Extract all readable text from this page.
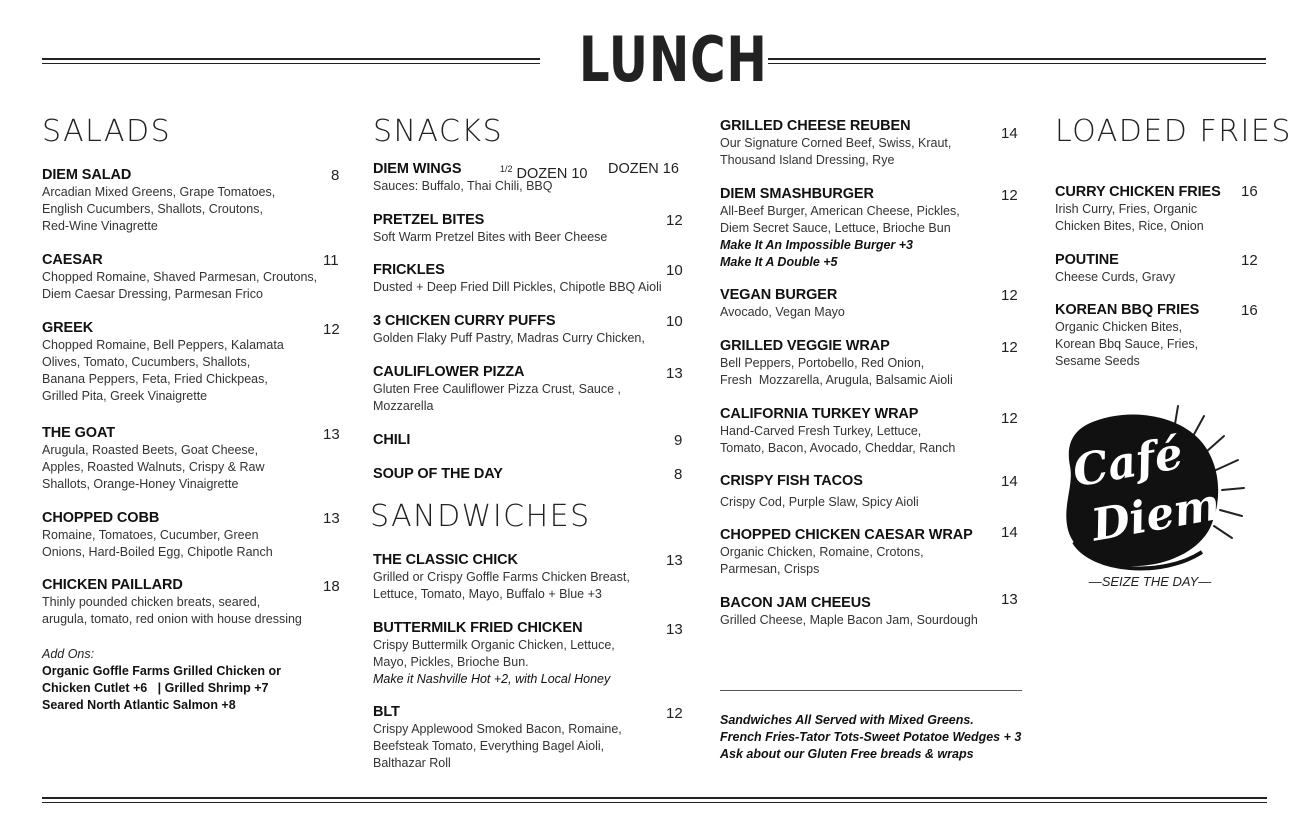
LUNCH
SALADS
DIEM SALAD
Arcadian Mixed Greens, Grape Tomatoes,
English Cucumbers, Shallots, Croutons,
Red-Wine Vinagrette
8
CAESAR
Chopped Romaine, Shaved Parmesan, Croutons,
Diem Caesar Dressing, Parmesan Frico
11
GREEK
Chopped Romaine, Bell Peppers, Kalamata
Olives, Tomato, Cucumbers, Shallots,
Banana Peppers, Feta, Fried Chickpeas,
Grilled Pita, Greek Vinaigrette
12
THE GOAT
Arugula, Roasted Beets, Goat Cheese,
Apples, Roasted Walnuts, Crispy & Raw
Shallots, Orange-Honey Vinaigrette
13
CHOPPED COBB
Romaine, Tomatoes, Cucumber, Green
Onions, Hard-Boiled Egg, Chipotle Ranch
13
CHICKEN PAILLARD
Thinly pounded chicken breats, seared,
arugula, tomato, red onion with house dressing
18
Add Ons:
Organic Goffle Farms Grilled Chicken or
Chicken Cutlet +6   | Grilled Shrimp +7
Seared North Atlantic Salmon +8
SNACKS
DIEM WINGS
Sauces: Buffalo, Thai Chili, BBQ
$^{1/2}$ DOZEN 10 DOZEN 16
PRETZEL BITES
Soft Warm Pretzel Bites with Beer Cheese
12
FRICKLES
Dusted + Deep Fried Dill Pickles, Chipotle BBQ Aioli
10
3 CHICKEN CURRY PUFFS
Golden Flaky Puff Pastry, Madras Curry Chicken,
10
CAULIFLOWER PIZZA
Gluten Free Cauliflower Pizza Crust, Sauce ,
Mozzarella
13
CHILI	9
SOUP OF THE DAY	8
SANDWICHES
THE CLASSIC CHICK
Grilled or Crispy Goffle Farms Chicken Breast,
Lettuce, Tomato, Mayo, Buffalo + Blue +3
13
BUTTERMILK FRIED CHICKEN
Crispy Buttermilk Organic Chicken, Lettuce,
Mayo, Pickles, Brioche Bun.
Make it Nashville Hot +2, with Local Honey
13
BLT
Crispy Applewood Smoked Bacon, Romaine,
Beefsteak Tomato, Everything Bagel Aioli,
Balthazar Roll
12
GRILLED CHEESE REUBEN
Our Signature Corned Beef, Swiss, Kraut,
Thousand Island Dressing, Rye
14
DIEM SMASHBURGER
All-Beef Burger, American Cheese, Pickles,
Diem Secret Sauce, Lettuce, Brioche Bun
Make It An Impossible Burger +3
Make It A Double +5
12
VEGAN BURGER
Avocado, Vegan Mayo
12
GRILLED VEGGIE WRAP
Bell Peppers, Portobello, Red Onion,
Fresh  Mozzarella, Arugula, Balsamic Aioli
12
CALIFORNIA TURKEY WRAP
Hand-Carved Fresh Turkey, Lettuce,
Tomato, Bacon, Avocado, Cheddar, Ranch
12
CRISPY FISH TACOS
Crispy Cod, Purple Slaw, Spicy Aioli
14
CHOPPED CHICKEN CAESAR WRAP
Organic Chicken, Romaine, Crotons,
Parmesan, Crisps
14
BACON JAM CHEEUS
Grilled Cheese, Maple Bacon Jam, Sourdough
13
Sandwiches All Served with Mixed Greens.
French Fries-Tator Tots-Sweet Potatoe Wedges + 3
Ask about our Gluten Free breads & wraps
LOADED FRIES
CURRY CHICKEN FRIES
Irish Curry, Fries, Organic
Chicken Bites, Rice, Onion
16
POUTINE
Cheese Curds, Gravy
12
KOREAN BBQ FRIES
Organic Chicken Bites,
Korean Bbq Sauce, Fries,
Sesame Seeds
16
Café
Diem
—SEIZE THE DAY—
